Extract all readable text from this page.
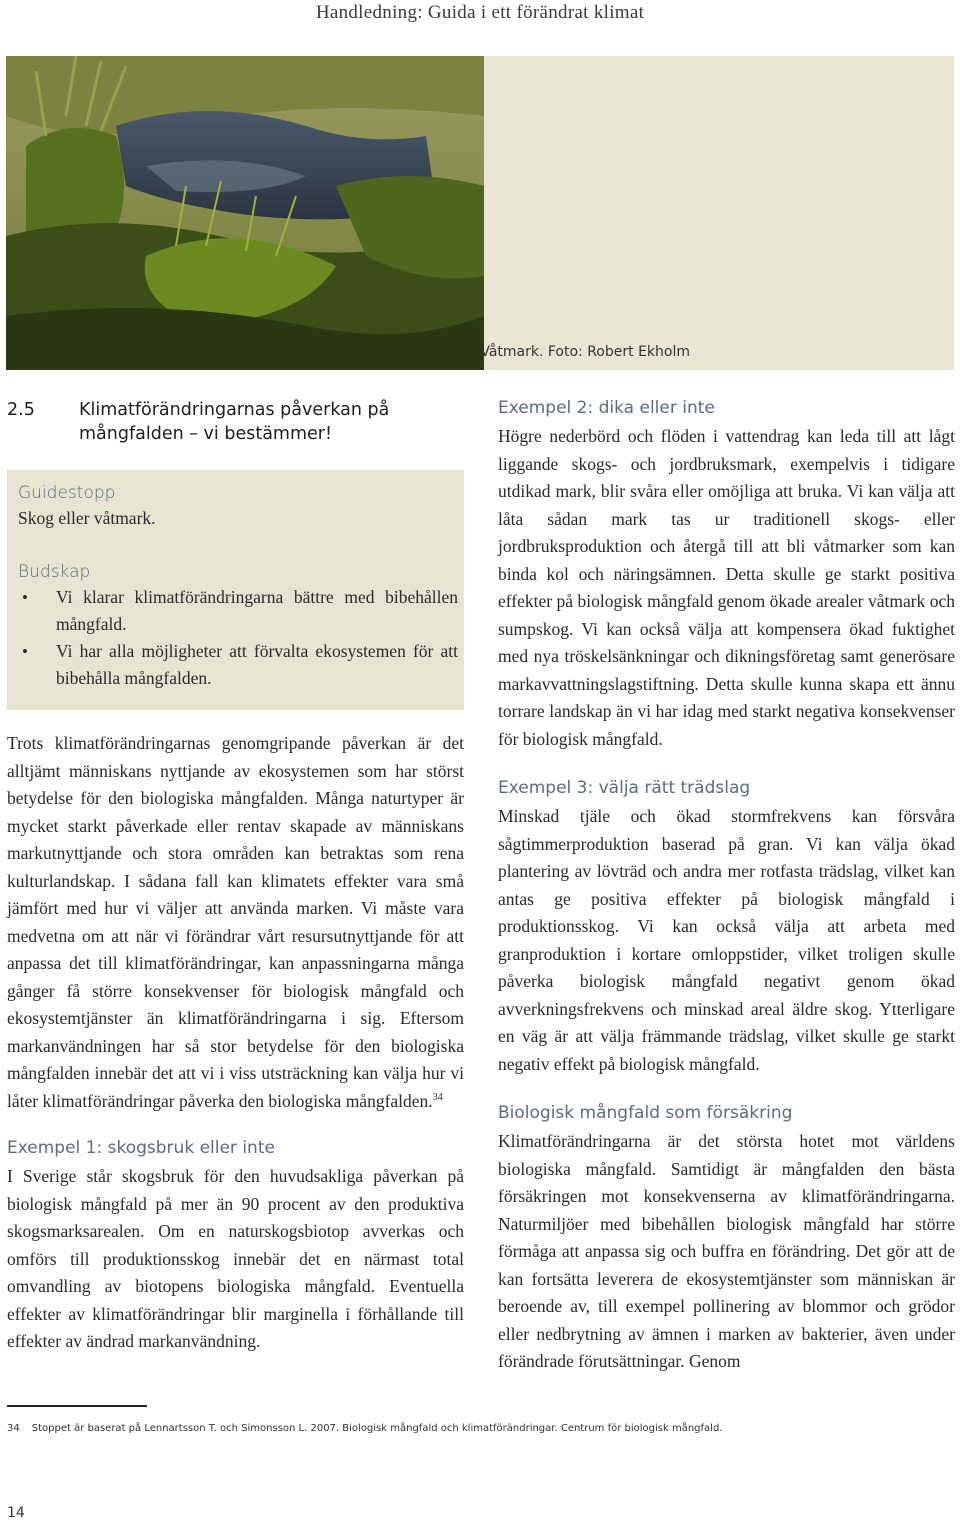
Handledning: Guida i ett förändrat klimat
Våtmark. Foto: Robert Ekholm
2.5	Klimatförändringarnas påverkan på
mångfalden – vi bestämmer!
Guidestopp
Skog eller våtmark.
Budskap
• Vi klarar klimatförändringarna bättre med bibehållen mångfald.
• Vi har alla möjligheter att förvalta ekosystemen för att bibehålla mångfalden.

Trots klimatförändringarnas genomgripande påverkan är det alltjämt människans nyttjande av ekosystemen som har störst betydelse för den biologiska mångfalden. Många naturtyper är mycket starkt påverkade eller rentav skapade av människans markutnyttjande och stora områden kan betraktas som rena kulturlandskap. I sådana fall kan klimatets effekter vara små jämfört med hur vi väljer att använda marken. Vi måste vara medvetna om att när vi förändrar vårt resursutnyttjande för att anpassa det till klimatförändringar, kan anpassningarna många gånger få större konsekvenser för biologisk mångfald och ekosystemtjänster än klimatförändringarna i sig. Eftersom markanvändningen har så stor betydelse för den biologiska mångfalden innebär det att vi i viss utsträckning kan välja hur vi låter klimatförändringar påverka den biologiska mångfalden.$^{34}$

Exempel 1: skogsbruk eller inte

I Sverige står skogsbruk för den huvudsakliga påverkan på biologisk mångfald på mer än 90 procent av den produktiva skogsmarksarealen. Om en naturskogsbiotop avverkas och omförs till produktionsskog innebär det en närmast total omvandling av biotopens biologiska mångfald. Eventuella effekter av klimatförändringar blir marginella i förhållande till effekter av ändrad markanvändning.

Exempel 2: dika eller inte

Högre nederbörd och flöden i vattendrag kan leda till att lågt liggande skogs- och jordbruksmark, exempelvis i tidigare utdikad mark, blir svåra eller omöjliga att bruka. Vi kan välja att låta sådan mark tas ur traditionell skogs- eller jordbruksproduktion och återgå till att bli våtmarker som kan binda kol och näringsämnen. Detta skulle ge starkt positiva effekter på biologisk mångfald genom ökade arealer våtmark och sumpskog. Vi kan också välja att kompensera ökad fuktighet med nya tröskelsänkningar och dikningsföretag samt generösare markavvattningslagstiftning. Detta skulle kunna skapa ett ännu torrare landskap än vi har idag med starkt negativa konsekvenser för biologisk mångfald.

Exempel 3: välja rätt trädslag

Minskad tjäle och ökad stormfrekvens kan försvåra sågtimmerproduktion baserad på gran. Vi kan välja ökad plantering av lövträd och andra mer rotfasta trädslag, vilket kan antas ge positiva effekter på biologisk mångfald i produktionsskog. Vi kan också välja att arbeta med granproduktion i kortare omloppstider, vilket troligen skulle påverka biologisk mångfald negativt genom ökad avverkningsfrekvens och minskad areal äldre skog. Ytterligare en väg är att välja främmande trädslag, vilket skulle ge starkt negativ effekt på biologisk mångfald.

Biologisk mångfald som försäkring

Klimatförändringarna är det största hotet mot världens biologiska mångfald. Samtidigt är mångfalden den bästa försäkringen mot konsekvenserna av klimatförändringarna. Naturmiljöer med bibehållen biologisk mångfald har större förmåga att anpassa sig och buffra en förändring. Det gör att de kan fortsätta leverera de ekosystemtjänster som människan är beroende av, till exempel pollinering av blommor och grödor eller nedbrytning av ämnen i marken av bakterier, även under förändrade förutsättningar. Genom

34 Stoppet är baserat på Lennartsson T. och Simonsson L. 2007. Biologisk mångfald och klimatförändringar. Centrum för biologisk mångfald.
14
